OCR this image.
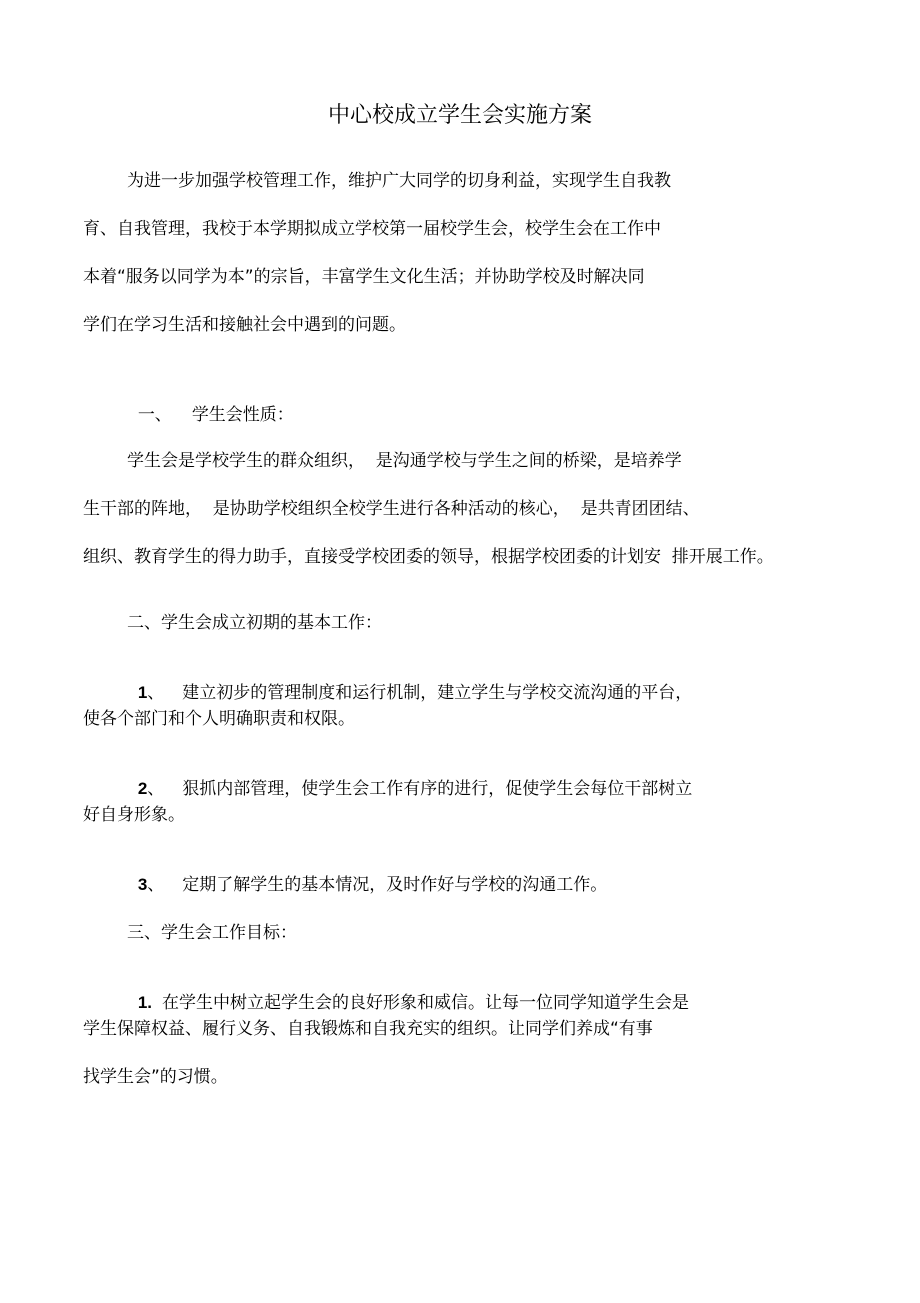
中心校成立学生会实施方案
为进一步加强学校管理工作，维护广大同学的切身利益，实现学生自我教
育、自我管理，我校于本学期拟成立学校第一届校学生会，校学生会在工作中
本着“服务以同学为本”的宗旨，丰富学生文化生活；并协助学校及时解决同
学们在学习生活和接触社会中遇到的问题。

一、 学生会性质：

学生会是学校学生的群众组织，  是沟通学校与学生之间的桥梁，是培养学
生干部的阵地，  是协助学校组织全校学生进行各种活动的核心，  是共青团团结、
组织、教育学生的得力助手，直接受学校团委的领导，根据学校团委的计划安  排开展工作。
二、学生会成立初期的基本工作：

1、 建立初步的管理制度和运行机制，建立学生与学校交流沟通的平台，

使各个部门和个人明确职责和权限。

2、 狠抓内部管理，使学生会工作有序的进行，促使学生会每位干部树立

好自身形象。

3、 定期了解学生的基本情况，及时作好与学校的沟通工作。

三、学生会工作目标：

1. 在学生中树立起学生会的良好形象和威信。让每一位同学知道学生会是

学生保障权益、履行义务、自我锻炼和自我充实的组织。让同学们养成“有事
找学生会”的习惯。
